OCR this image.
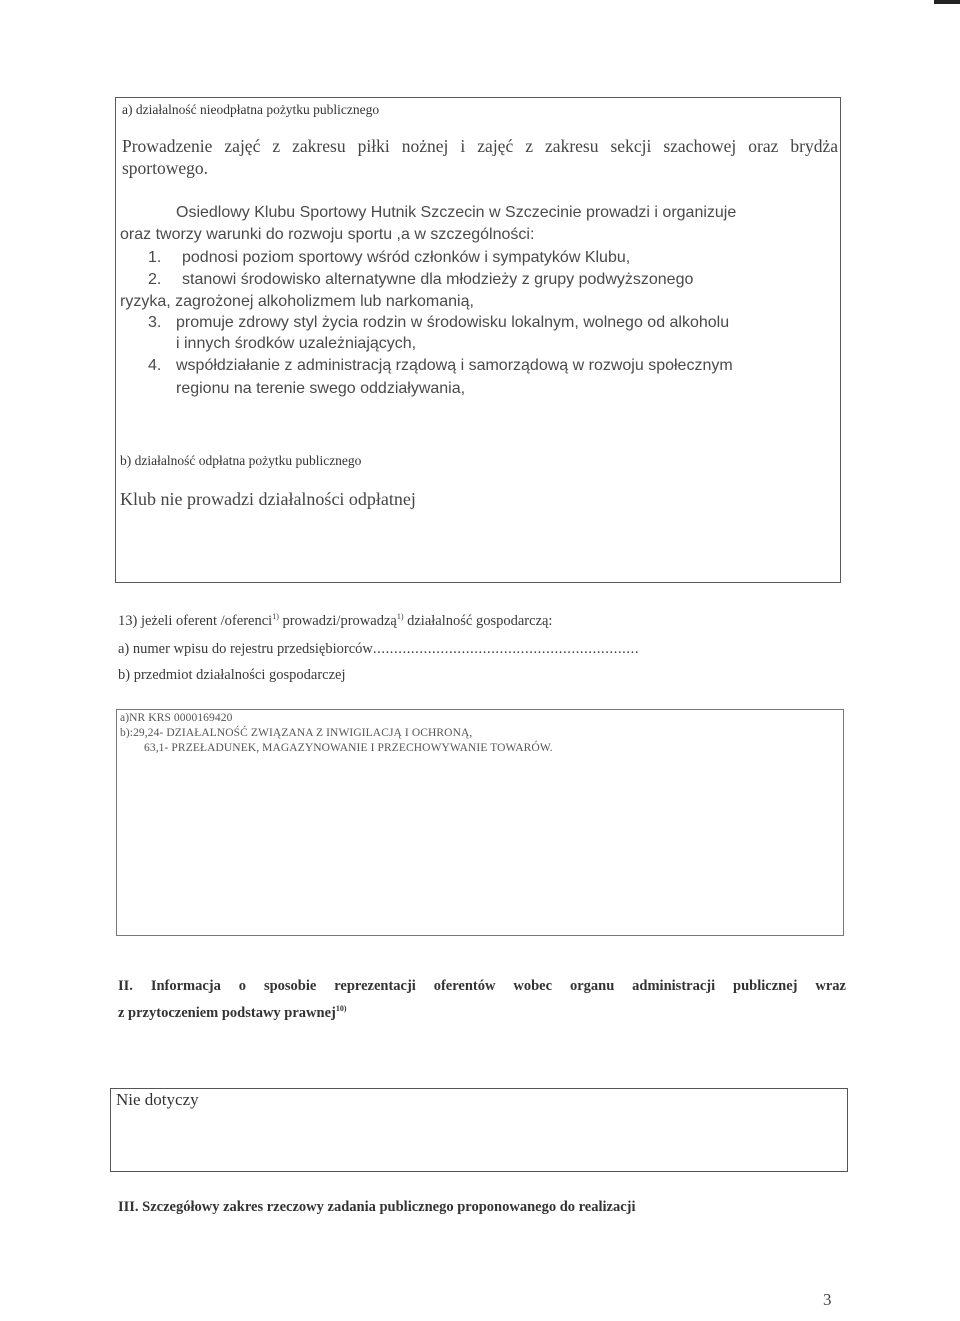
a) działalność nieodpłatna pożytku publicznego
Prowadzenie zajęć z zakresu piłki nożnej i zajęć z zakresu sekcji szachowej oraz brydża
sportowego.
Osiedlowy Klubu Sportowy Hutnik Szczecin w Szczecinie prowadzi i organizuje
oraz tworzy warunki do rozwoju sportu ,a w szczególności:
1. podnosi poziom sportowy wśród członków i sympatyków Klubu,
2. stanowi środowisko alternatywne dla młodzieży z grupy podwyższonego
ryzyka, zagrożonej alkoholizmem lub narkomanią,
3. promuje zdrowy styl życia rodzin w środowisku lokalnym, wolnego od alkoholu
i innych środków uzależniających,
4. współdziałanie z administracją rządową i samorządową w rozwoju społecznym
regionu na terenie swego oddziaływania,
b) działalność odpłatna pożytku publicznego
Klub nie prowadzi działalności odpłatnej
13) jeżeli oferent /oferenci$^{1)}$ prowadzi/prowadzą$^{1)}$ działalność gospodarczą:
a) numer wpisu do rejestru przedsiębiorców...............................................................
b) przedmiot działalności gospodarczej
a)NR KRS 0000169420
b):29,24- DZIAŁALNOŚĆ ZWIĄZANA Z INWIGILACJĄ I OCHRONĄ,
63,1- PRZEŁADUNEK, MAGAZYNOWANIE I PRZECHOWYWANIE TOWARÓW.
II. Informacja o sposobie reprezentacji oferentów wobec organu administracji publicznej wraz
z przytoczeniem podstawy prawnej$^{10)}$
Nie dotyczy
III. Szczegółowy zakres rzeczowy zadania publicznego proponowanego do realizacji
3
